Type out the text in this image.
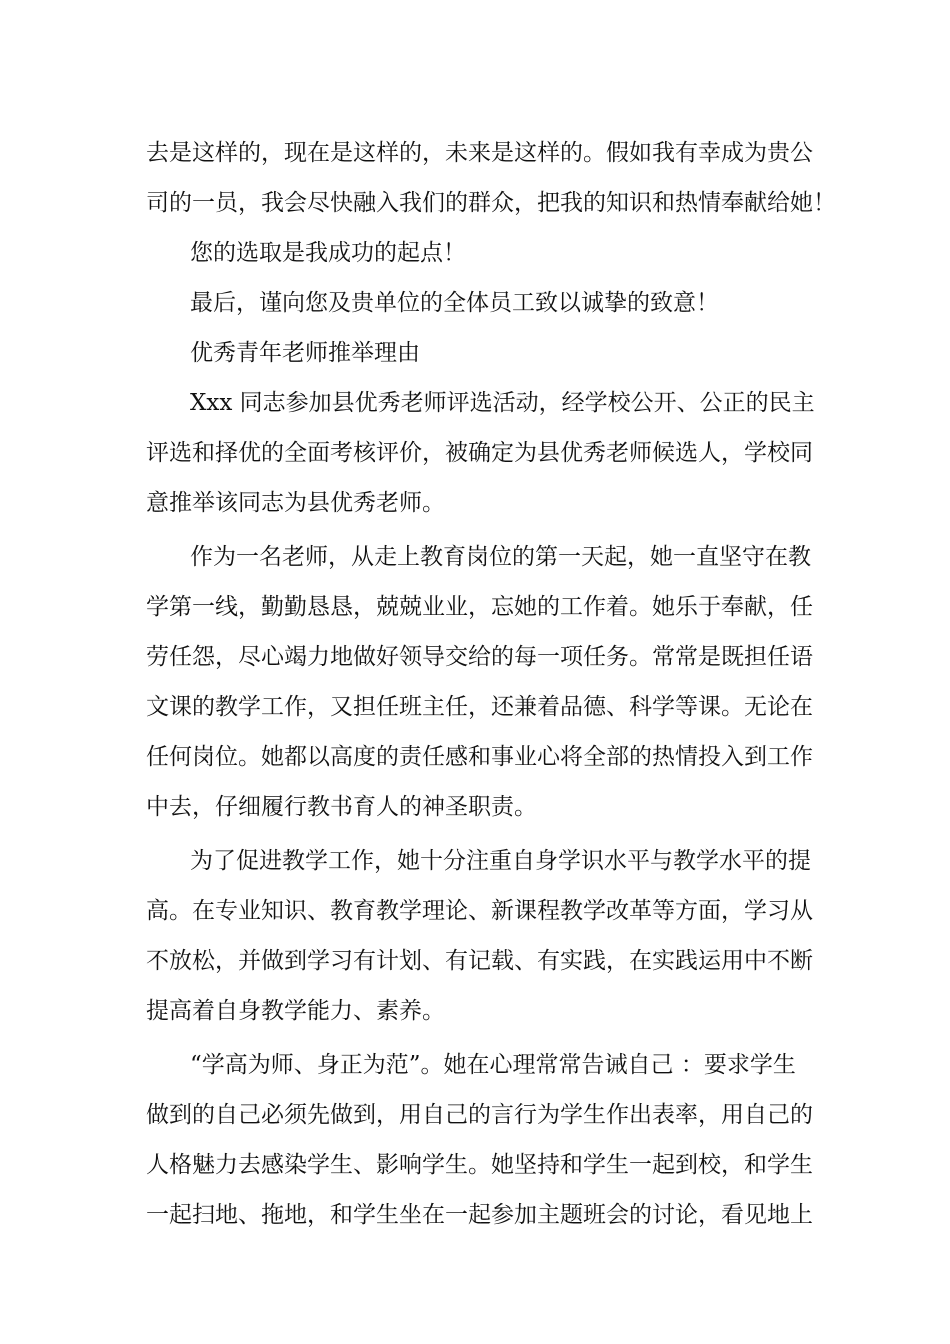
去是这样的，现在是这样的，未来是这样的。假如我有幸成为贵公
司的一员，我会尽快融入我们的群众，把我的知识和热情奉献给她！
您的选取是我成功的起点！
最后，谨向您及贵单位的全体员工致以诚挚的致意！
优秀青年老师推举理由
Xxx 同志参加县优秀老师评选活动，经学校公开、公正的民主
评选和择优的全面考核评价，被确定为县优秀老师候选人，学校同
意推举该同志为县优秀老师。
作为一名老师，从走上教育岗位的第一天起，她一直坚守在教
学第一线，勤勤恳恳，兢兢业业，忘她的工作着。她乐于奉献，任
劳任怨，尽心竭力地做好领导交给的每一项任务。常常是既担任语
文课的教学工作，又担任班主任，还兼着品德、科学等课。无论在
任何岗位。她都以高度的责任感和事业心将全部的热情投入到工作
中去，仔细履行教书育人的神圣职责。
为了促进教学工作，她十分注重自身学识水平与教学水平的提
高。在专业知识、教育教学理论、新课程教学改革等方面，学习从
不放松，并做到学习有计划、有记载、有实践，在实践运用中不断
提高着自身教学能力、素养。
“学高为师、身正为范”。她在心理常常告诫自己 ：要求学生
做到的自己必须先做到，用自己的言行为学生作出表率，用自己的
人格魅力去感染学生、影响学生。她坚持和学生一起到校，和学生
一起扫地、拖地，和学生坐在一起参加主题班会的讨论，看见地上
